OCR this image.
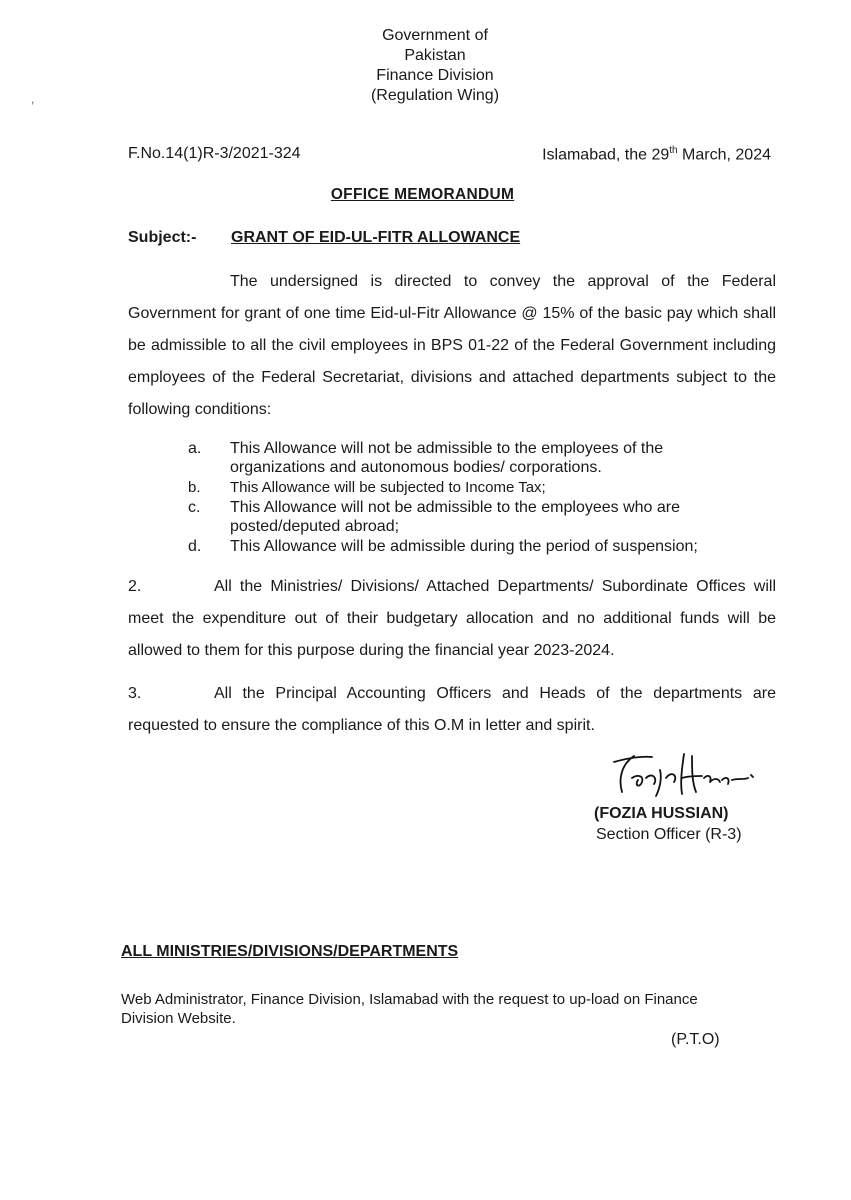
Government of
Pakistan
Finance Division
(Regulation Wing)
,
F.No.14(1)R-3/2021-324	Islamabad, the 29th March, 2024
OFFICE MEMORANDUM
Subject:- GRANT OF EID-UL-FITR ALLOWANCE

The undersigned is directed to convey the approval of the Federal Government for grant of one time Eid-ul-Fitr Allowance @ 15% of the basic pay which shall be admissible to all the civil employees in BPS 01-22 of the Federal Government including employees of the Federal Secretariat, divisions and attached departments subject to the following conditions:

a. This Allowance will not be admissible to the employees of the organizations and autonomous bodies/ corporations.
b. This Allowance will be subjected to Income Tax;
c. This Allowance will not be admissible to the employees who are posted/deputed abroad;
d. This Allowance will be admissible during the period of suspension;

2.	All the Ministries/ Divisions/ Attached Departments/ Subordinate Offices will meet the expenditure out of their budgetary allocation and no additional funds will be allowed to them for this purpose during the financial year 2023-2024.

3.	All the Principal Accounting Officers and Heads of the departments are requested to ensure the compliance of this O.M in letter and spirit.

(FOZIA HUSSIAN)
Section Officer (R-3)
ALL MINISTRIES/DIVISIONS/DEPARTMENTS

Web Administrator, Finance Division, Islamabad with the request to up-load on Finance Division Website.

(P.T.O)
